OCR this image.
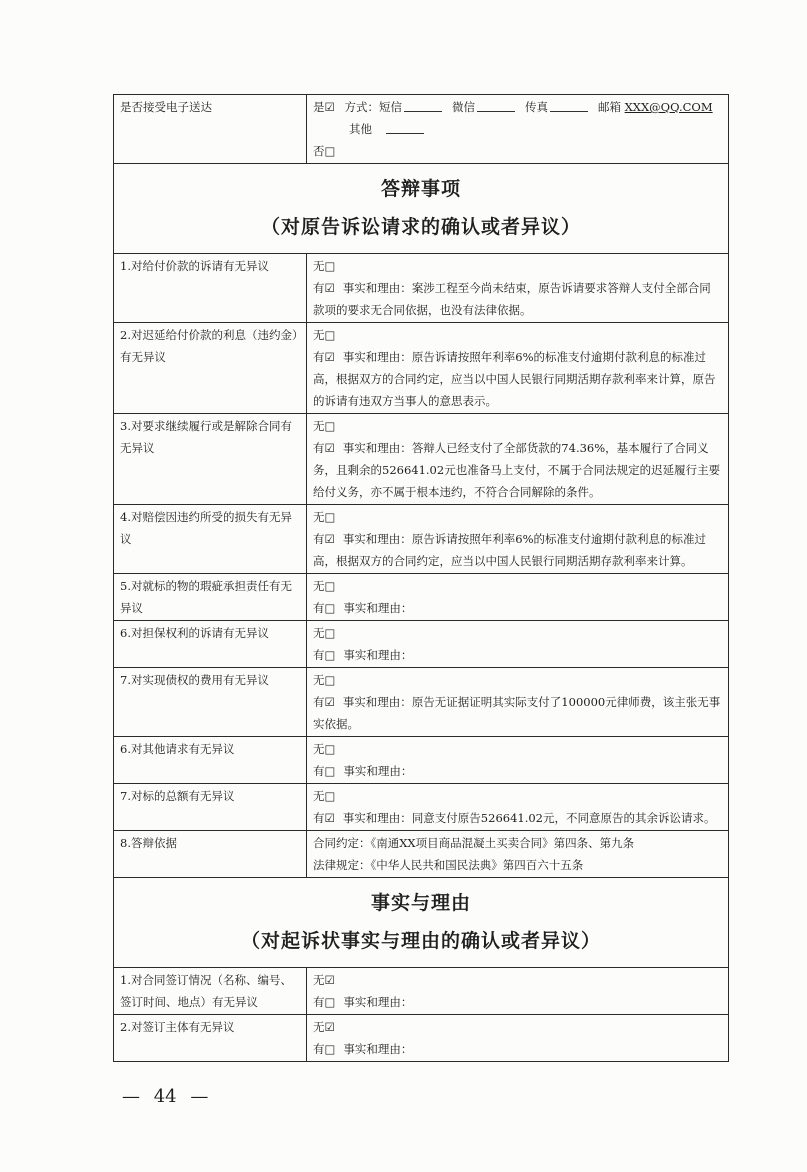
是否接受电子送达	是☑ 方式：短信 微信 传真 邮箱 XXX@QQ.COM
其他
否□

答辩事项
（对原告诉讼请求的确认或者异议）	

1.对给付价款的诉请有无异议	无□
有☑ 事实和理由：案涉工程至今尚未结束，原告诉请要求答辩人支付全部合同款项的要求无合同依据，也没有法律依据。

2.对迟延给付价款的利息（违约金）有无异议	无□
有☑ 事实和理由：原告诉请按照年利率6%的标准支付逾期付款利息的标准过高，根据双方的合同约定，应当以中国人民银行同期活期存款利率来计算，原告的诉请有违双方当事人的意思表示。

3.对要求继续履行或是解除合同有无异议	无□
有☑ 事实和理由：答辩人已经支付了全部货款的74.36%，基本履行了合同义务，且剩余的526641.02元也准备马上支付，不属于合同法规定的迟延履行主要给付义务，亦不属于根本违约，不符合合同解除的条件。

4.对赔偿因违约所受的损失有无异议	无□
有☑ 事实和理由：原告诉请按照年利率6%的标准支付逾期付款利息的标准过高，根据双方的合同约定，应当以中国人民银行同期活期存款利率来计算。

5.对就标的物的瑕疵承担责任有无异议	无□
有□ 事实和理由：

6.对担保权利的诉请有无异议	无□
有□ 事实和理由：

7.对实现债权的费用有无异议	无□
有☑ 事实和理由：原告无证据证明其实际支付了100000元律师费，该主张无事实依据。

6.对其他请求有无异议	无□
有□ 事实和理由：

7.对标的总额有无异议	无□
有☑ 事实和理由：同意支付原告526641.02元，不同意原告的其余诉讼请求。

8.答辩依据	合同约定：《南通XX项目商品混凝土买卖合同》第四条、第九条
法律规定：《中华人民共和国民法典》第四百六十五条

事实与理由
（对起诉状事实与理由的确认或者异议）	

1.对合同签订情况（名称、编号、签订时间、地点）有无异议	无☑
有□ 事实和理由：

2.对签订主体有无异议	无☑
有□ 事实和理由：
— 44 —
